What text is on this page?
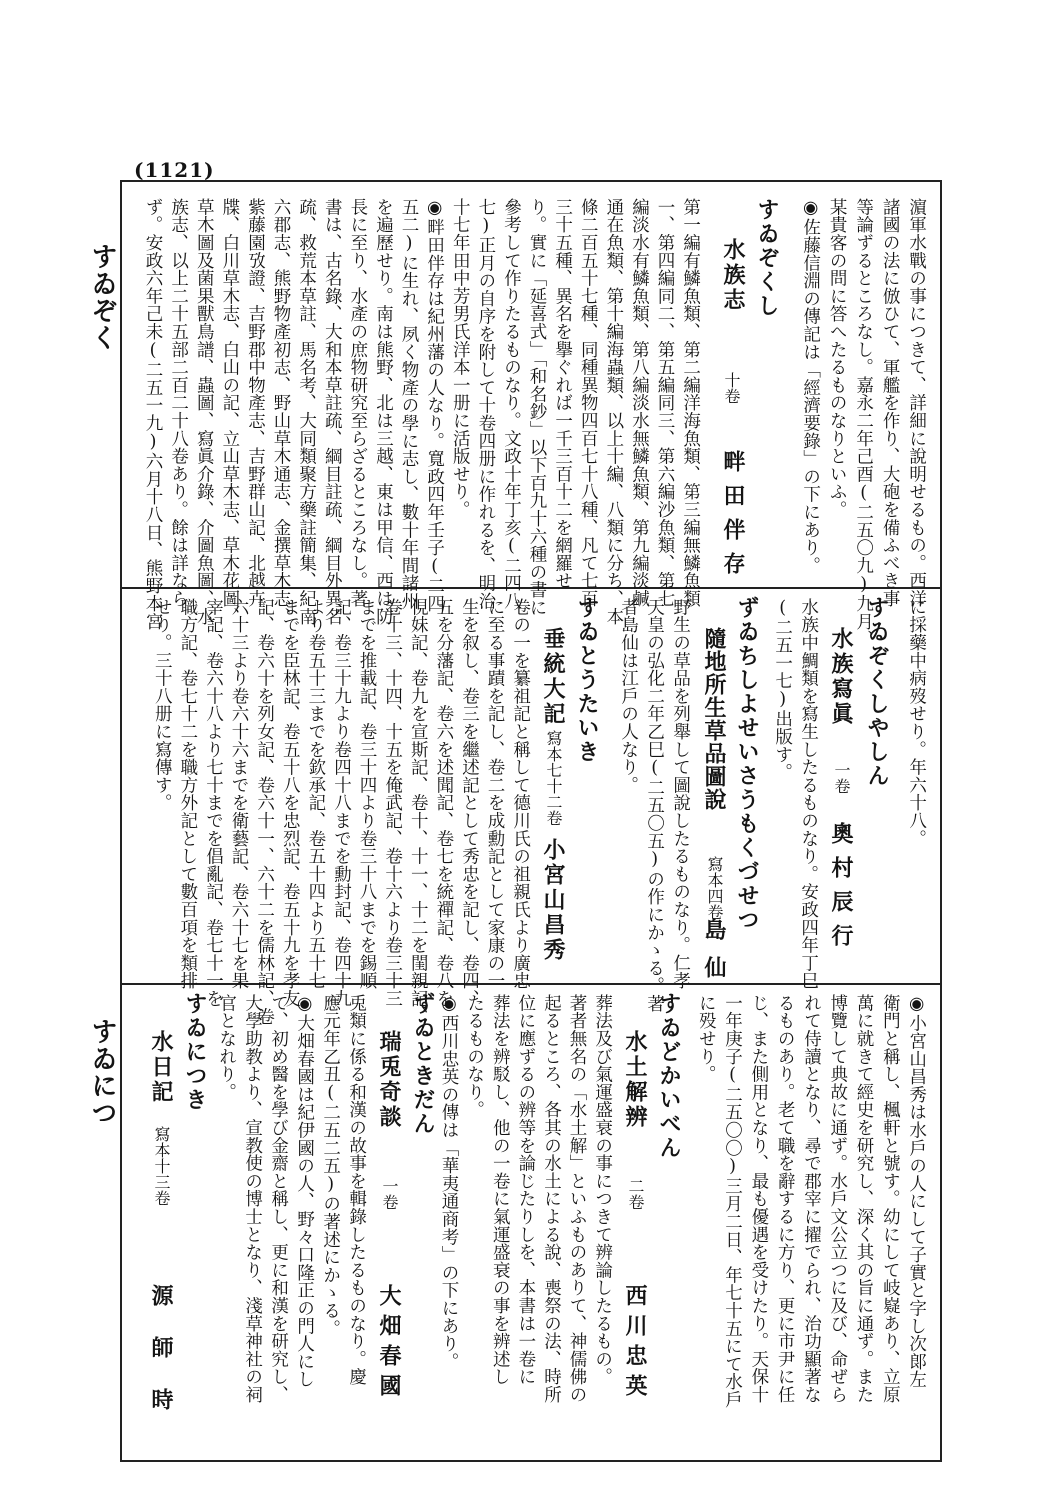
(1121)
すゐぞく
すゐにつ
濵軍水戰の事につきて、詳細に說明せるもの。西洋
諸國の法に倣ひて、軍艦を作り、大砲を備ふべき事
等論ずるところなし。嘉永二年己酉(二五〇九)九月、
某貴客の問に答へたるものなりといふ。
◉佐藤信淵の傳記は「經濟要錄」の下にあり。
すゐぞくし
水族志
十卷
畔田伴存
第一編有鱗魚類、第二編洋海魚類、第三編無鱗魚類
一、第四編同二、第五編同三、第六編沙魚類、第七
編淡水有鱗魚類、第八編淡水無鱗魚類、第九編淡鹹
通在魚類、第十編海蟲類、以上十編、八類に分ち、本
條二百五十七種、同種異物四百七十八種、凡て七百
三十五種、異名を擧ぐれば一千三百十二を網羅せ
り。實に「延喜式」「和名鈔」以下百九十六種の書に
參考して作りたるものなり。文政十年丁亥(二四八
七)正月の自序を附して十卷四册に作れるを、明治
十七年田中芳男氏洋本一册に活版せり。
◉畔田伴存は紀州藩の人なり。寬政四年壬子(二四
五二)に生れ、夙く物產の學に志し、數十年間諸州
を遍歷せり。南は熊野、北は三越、東は甲信、西は防
長に至り、水產の庶物研究至らざるところなし。著
書は、古名錄、大和本草註疏、綱目註疏、綱目外異名
疏、救荒本草註、馬名考、大同類聚方藥註簡集、紀南
六郡志、熊野物產初志、野山草木通志、金撰草木志、
紫藤園攷證、吉野郡中物產志、吉野群山記、北越卉
牒、白川草木志、白山の記、立山草木志、草木花圖、
草木圖及菌果獸鳥譜、蟲圖、寫眞介錄、介圖魚圖、水
族志、以上二十五部二百二十八卷あり。餘は詳なら
ず。安政六年己未(二五一九)六月十八日、熊野本宮
に採藥中病歿せり。年六十八。
すゐぞくしやしん
水族寫眞
一卷
奧村辰行
水族中鯛類を寫生したるものなり。安政四年丁巳
(二五一七)出版す。
ずゐちしよせいさうもくづせつ
隨地所生草品圖說
寫本四卷
島仙
野生の草品を列舉して圖說したるものなり。仁孝
天皇の弘化二年乙巳(二五〇五)の作にかゝる。著
者島仙は江戶の人なり。
すゐとうたいき
垂統大記
寫本七十二卷
小宮山昌秀
卷の一を纂祖記と稱して德川氏の祖親氏より廣忠
に至る事蹟を記し、卷二を成勳記として家康の一
生を叙し、卷三を繼述記として秀忠を記し、卷四、
五を分藩記、卷六を述聞記、卷七を統禪記、卷八を
俔妹記、卷九を宣斯記、卷十、十一、十二を閨親記、
卷十三、十四、十五を俺武記、卷十六より卷三十三
までを推載記、卷三十四より卷三十八までを錫順
記、卷三十九より卷四十八までを勳封記、卷四十九
より卷五十三までを欽承記、卷五十四より五十七
までを臣林記、卷五十八を忠烈記、卷五十九を孝友
記、卷六十を列女記、卷六十一、六十二を儒林記、卷
六十三より卷六十六までを衛藝記、卷六十七を果
宰記、卷六十八より七十までを倡亂記、卷七十一を
職方記、卷七十二を職方外記として數百項を類排
せり。三十八册に寫傳す。
◉小宮山昌秀は水戶の人にして子實と字し次郞左
衛門と稱し、楓軒と號す。幼にして岐嶷あり、立原
萬に就きて經史を研究し、深く其の旨に通ず。また
博覽して典故に通ず。水戶文公立つに及び、命ぜら
れて侍讀となり、尋で郡宰に擢でられ、治功顯著な
るものあり。老て職を辭するに方り、更に市尹に任
じ、また側用となり、最も優遇を受けたり。天保十
一年庚子(二五〇〇)三月二日、年七十五にて水戶
に殁せり。
すゐどかいべん
水土解辨
二卷
西川忠英
葬法及び氣運盛衰の事につきて辨論したるもの。
著者無名の「水土解」といふものありて、神儒佛の
起るところ、各其の水土による說、喪祭の法、時所
位に應ずるの辨等を論じたりしを、本書は一卷に
葬法を辨駁し、他の一卷に氣運盛衰の事を辨述し
たるものなり。
◉西川忠英の傳は「華夷通商考」の下にあり。
ずゐときだん
瑞兎奇談
一卷
大畑春國
兎類に係る和漢の故事を輯錄したるものなり。慶
應元年乙丑(二五二五)の著述にかゝる。
◉大畑春國は紀伊國の人、野々口隆正の門人にし
て、初め醫を學び金齋と稱し、更に和漢を研究し、
大學助教より、宣教使の博士となり、淺草神社の祠
官となれり。
すゐにつき
水日記
寫本十三卷
源師時
